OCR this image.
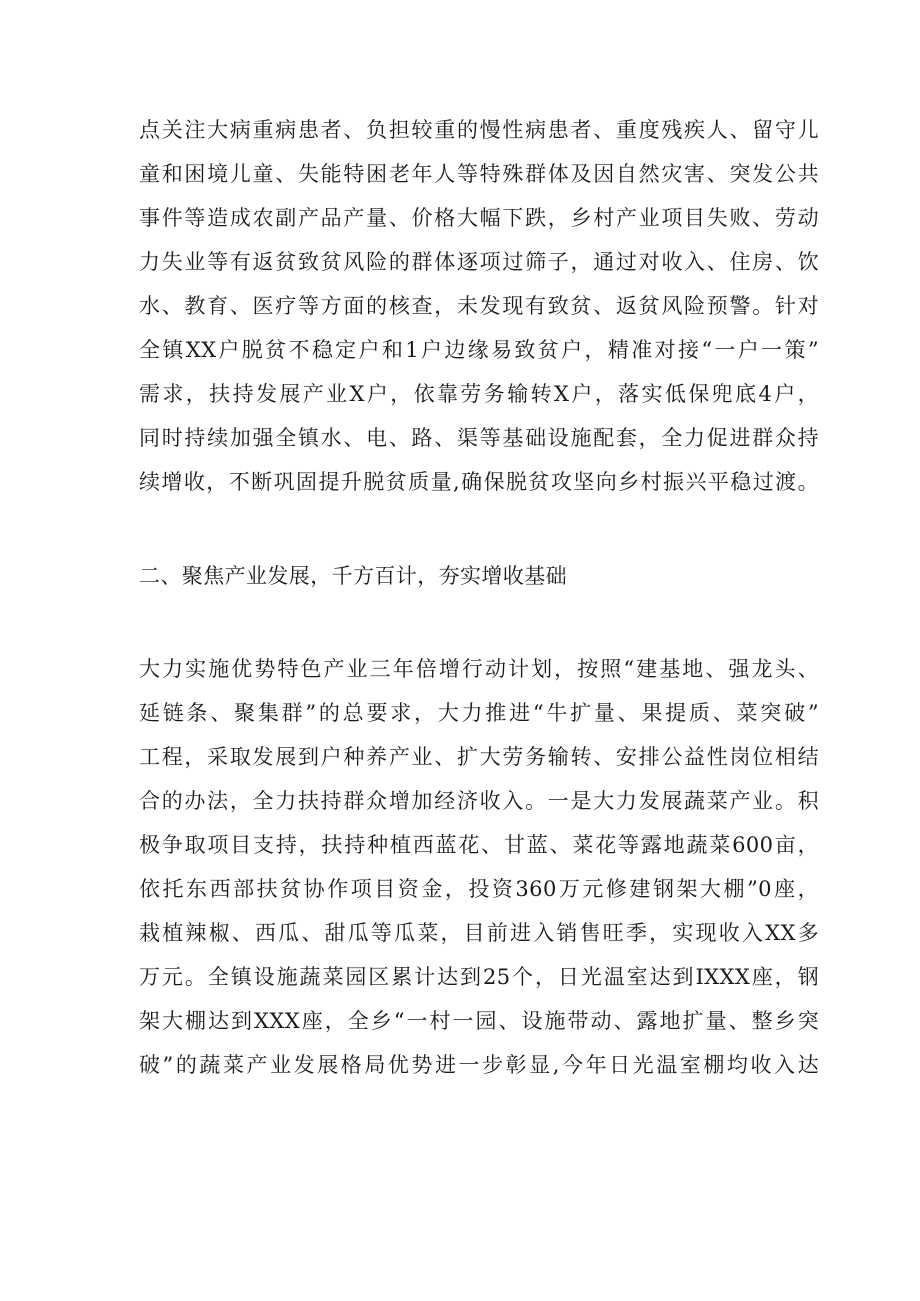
点关注大病重病患者、负担较重的慢性病患者、重度残疾人、留守儿
童和困境儿童、失能特困老年人等特殊群体及因自然灾害、突发公共
事件等造成农副产品产量、价格大幅下跌，乡村产业项目失败、劳动
力失业等有返贫致贫风险的群体逐项过筛子，通过对收入、住房、饮
水、教育、医疗等方面的核查，未发现有致贫、返贫风险预警。针对
全镇XX户脱贫不稳定户和1户边缘易致贫户，精准对接“一户一策”
需求，扶持发展产业X户，依靠劳务输转X户，落实低保兜底4户，
同时持续加强全镇水、电、路、渠等基础设施配套，全力促进群众持
续增收，不断巩固提升脱贫质量,确保脱贫攻坚向乡村振兴平稳过渡。
二、聚焦产业发展，千方百计，夯实增收基础
大力实施优势特色产业三年倍增行动计划，按照“建基地、强龙头、
延链条、聚集群”的总要求，大力推进“牛扩量、果提质、菜突破”
工程，采取发展到户种养产业、扩大劳务输转、安排公益性岗位相结
合的办法，全力扶持群众增加经济收入。一是大力发展蔬菜产业。积
极争取项目支持，扶持种植西蓝花、甘蓝、菜花等露地蔬菜600亩，
依托东西部扶贫协作项目资金，投资360万元修建钢架大棚”0座，
栽植辣椒、西瓜、甜瓜等瓜菜，目前进入销售旺季，实现收入XX多
万元。全镇设施蔬菜园区累计达到25个，日光温室达到IXXX座，钢
架大棚达到XXX座，全乡“一村一园、设施带动、露地扩量、整乡突
破”的蔬菜产业发展格局优势进一步彰显,今年日光温室棚均收入达
